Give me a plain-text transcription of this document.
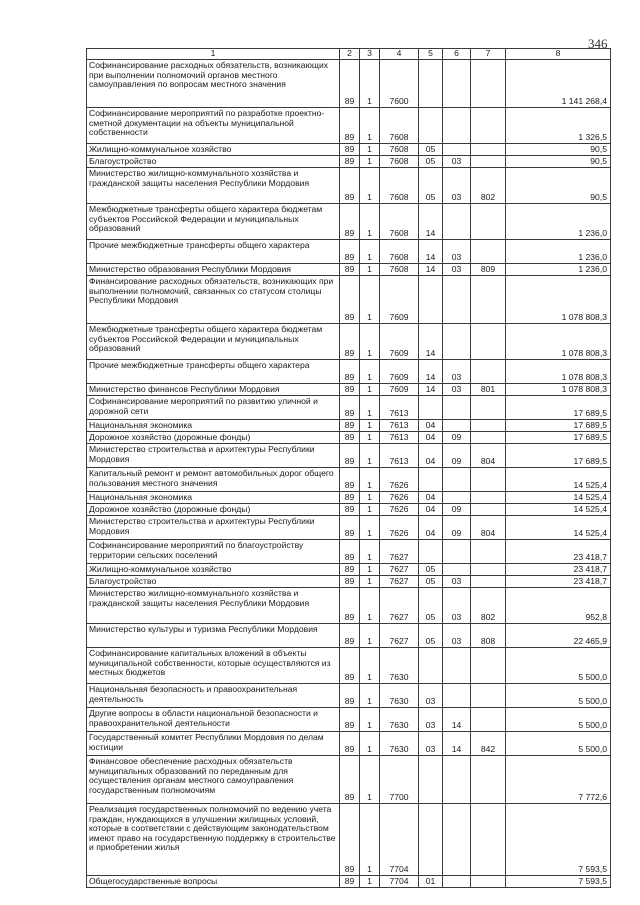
346
1	2	3	4	5	6	7	8
Софинансирование расходных обязательств, возникающих при выполнении полномочий органов местного самоуправления по вопросам местного значения	89	1	7600				1 141 268,4
Софинансирование мероприятий по разработке проектно-сметной документации на объекты муниципальной собственности	89	1	7608				1 326,5
Жилищно-коммунальное хозяйство	89	1	7608	05			90,5
Благоустройство	89	1	7608	05	03		90,5
Министерство жилищно-коммунального хозяйства и гражданской защиты населения Республики Мордовия	89	1	7608	05	03	802	90,5
Межбюджетные трансферты общего характера бюджетам субъектов Российской Федерации и муниципальных образований	89	1	7608	14			1 236,0
Прочие межбюджетные трансферты общего характера	89	1	7608	14	03		1 236,0
Министерство образования Республики Мордовия	89	1	7608	14	03	809	1 236,0
Финансирование расходных обязательств, возникающих при выполнении полномочий, связанных со статусом столицы Республики Мордовия	89	1	7609				1 078 808,3
Межбюджетные трансферты общего характера бюджетам субъектов Российской Федерации и муниципальных образований	89	1	7609	14			1 078 808,3
Прочие межбюджетные трансферты общего характера	89	1	7609	14	03		1 078 808,3
Министерство финансов Республики Мордовия	89	1	7609	14	03	801	1 078 808,3
Софинансирование мероприятий по развитию уличной и дорожной сети	89	1	7613				17 689,5
Национальная экономика	89	1	7613	04			17 689,5
Дорожное хозяйство (дорожные фонды)	89	1	7613	04	09		17 689,5
Министерство строительства и архитектуры Республики Мордовия	89	1	7613	04	09	804	17 689,5
Капитальный ремонт и ремонт автомобильных дорог общего пользования местного значения	89	1	7626				14 525,4
Национальная экономика	89	1	7626	04			14 525,4
Дорожное хозяйство (дорожные фонды)	89	1	7626	04	09		14 525,4
Министерство строительства и архитектуры Республики Мордовия	89	1	7626	04	09	804	14 525,4
Софинансирование мероприятий по благоустройству территории сельских поселений	89	1	7627				23 418,7
Жилищно-коммунальное хозяйство	89	1	7627	05			23 418,7
Благоустройство	89	1	7627	05	03		23 418,7
Министерство жилищно-коммунального хозяйства и гражданской защиты населения Республики Мордовия	89	1	7627	05	03	802	952,8
Министерство культуры и туризма Республики Мордовия	89	1	7627	05	03	808	22 465,9
Софинансирование капитальных вложений в объекты муниципальной собственности, которые осуществляются из местных бюджетов	89	1	7630				5 500,0
Национальная безопасность и правоохранительная деятельность	89	1	7630	03			5 500,0
Другие вопросы в области национальной безопасности и правоохранительной деятельности	89	1	7630	03	14		5 500,0
Государственный комитет Республики Мордовия по делам юстиции	89	1	7630	03	14	842	5 500,0
Финансовое обеспечение расходных обязательств муниципальных образований по переданным для осуществления органам местного самоуправления государственным полномочиям	89	1	7700				7 772,6
Реализация государственных полномочий по ведению учета граждан, нуждающихся в улучшении жилищных условий, которые в соответствии с действующим законодательством имеют право на государственную поддержку в строительстве и приобретении жилья	89	1	7704				7 593,5
Общегосударственные вопросы	89	1	7704	01			7 593,5
